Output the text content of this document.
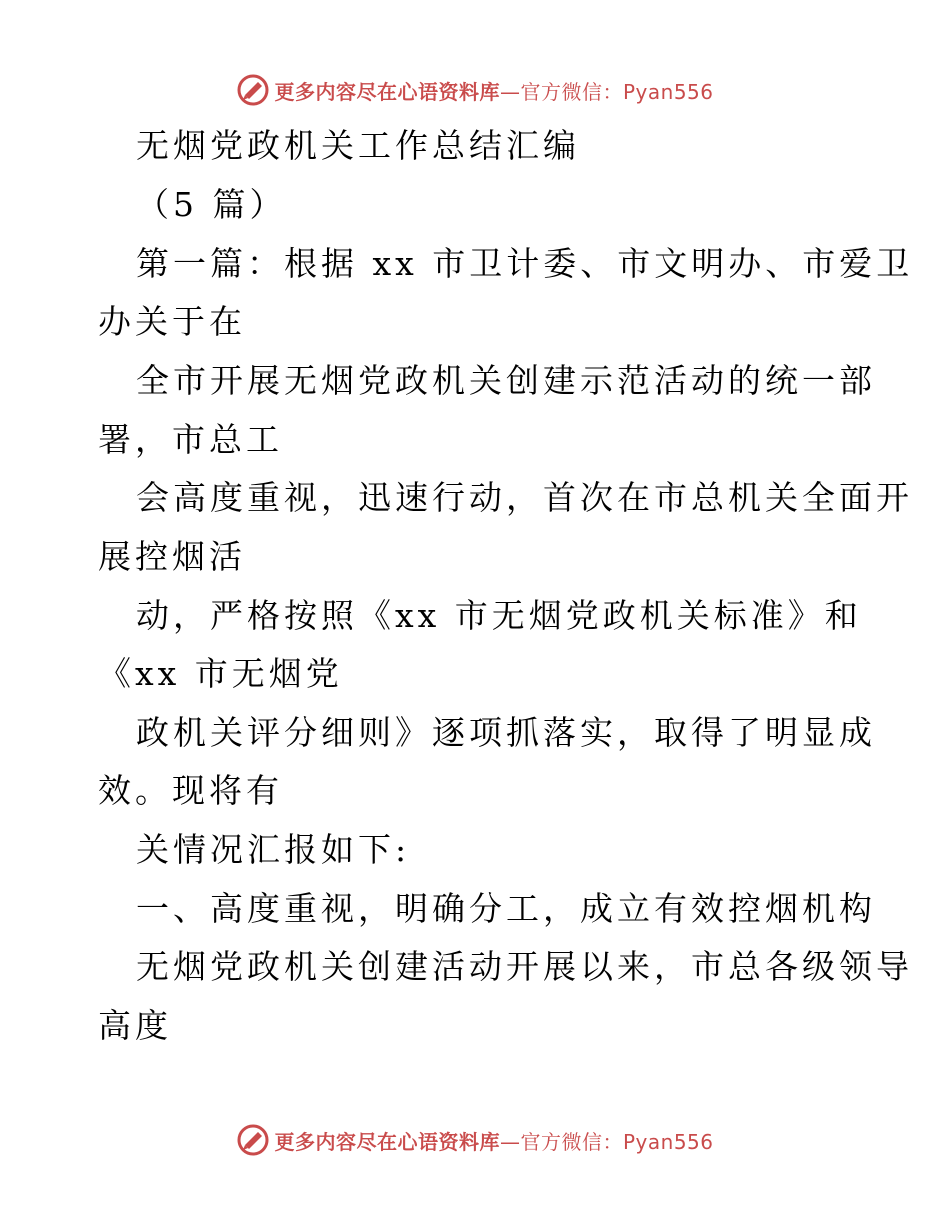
更多内容尽在心语资料库—官方微信：Pyan556
无烟党政机关工作总结汇编
（5 篇）
第一篇：根据 xx 市卫计委、市文明办、市爱卫
办关于在
全市开展无烟党政机关创建示范活动的统一部
署，市总工
会高度重视，迅速行动，首次在市总机关全面开
展控烟活
动，严格按照《xx 市无烟党政机关标准》和
《xx 市无烟党
政机关评分细则》逐项抓落实，取得了明显成
效。现将有
关情况汇报如下:
一、高度重视，明确分工，成立有效控烟机构
无烟党政机关创建活动开展以来，市总各级领导
高度
更多内容尽在心语资料库—官方微信：Pyan556
